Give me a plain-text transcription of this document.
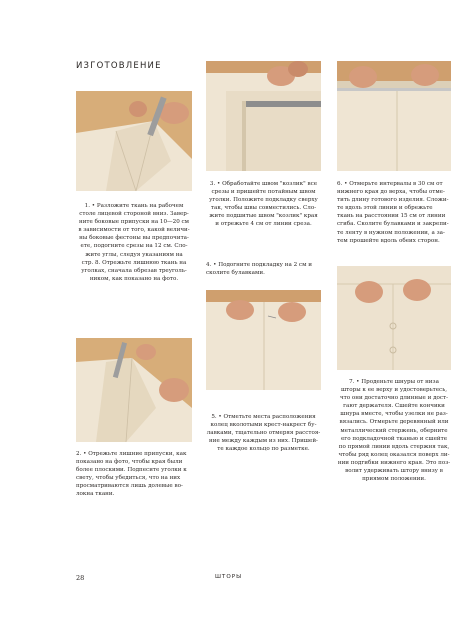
ИЗГОТОВЛЕНИЕ
1. • Разложите ткань на рабочем
столе лицевой стороной вниз. Завер-
ните боковые припуски на 10—20 см
в зависимости от того, какой величи-
ны боковые фестоны вы предпочита-
ете, подогните срезы на 12 см. Сло-
жите углы, следуя указаниям на
стр. 8. Отрежьте лишнюю ткань на
уголках, сначала обрезав треуголь-
ником, как показано на фото.
3. • Обработайте швом "козлик" все
срезы и пришейте потайным швом
уголки. Положите подкладку сверху
так, чтобы швы совместились. Сло-
жите подшитые швом "козлик" края
и отрежьте 4 см от линии среза.
4. • Подогните подкладку на 2 см и
сколите булавками.
6. • Отмерьте интервалы в 30 см от
нижнего края до верха, чтобы отме-
тить длину готового изделия. Сложи-
те вдоль этой линии и обрежьте
ткань на расстоянии 15 см от линии
сгиба. Сколите булавками и закрепи-
те ленту в нужном положении, а за-
тем прошейте вдоль обеих сторон.
5. • Отметьте места расположения
колец вколотыми крест-накрест бу-
лавками, тщательно отмеряя расстоя-
ние между каждым из них. Пришей-
те каждое кольцо по разметке.
7. • Проденьте шнуры от низа
шторы к ее верху и удостоверьтесь,
что они достаточно длинные и дост-
гают держателя. Сшейте кончики
шнура вместе, чтобы узелки не раз-
вязались. Отмерьте деревянный или
металлический стержень, оберните
его подкладочной тканью и сшейте
по прямой линии вдоль стержня так,
чтобы ряд колец оказался поверх ли-
нии подгибки нижнего края. Это поз-
волит удерживать штору внизу в
приямом положении.
2. • Отрежьте лишние припуски, как
показано на фото, чтобы края были
более плоскими. Подпесите уголки к
свету, чтобы убедиться, что на них
просматриваются лишь долевые во-
локна ткани.
28	ШТОРЫ
